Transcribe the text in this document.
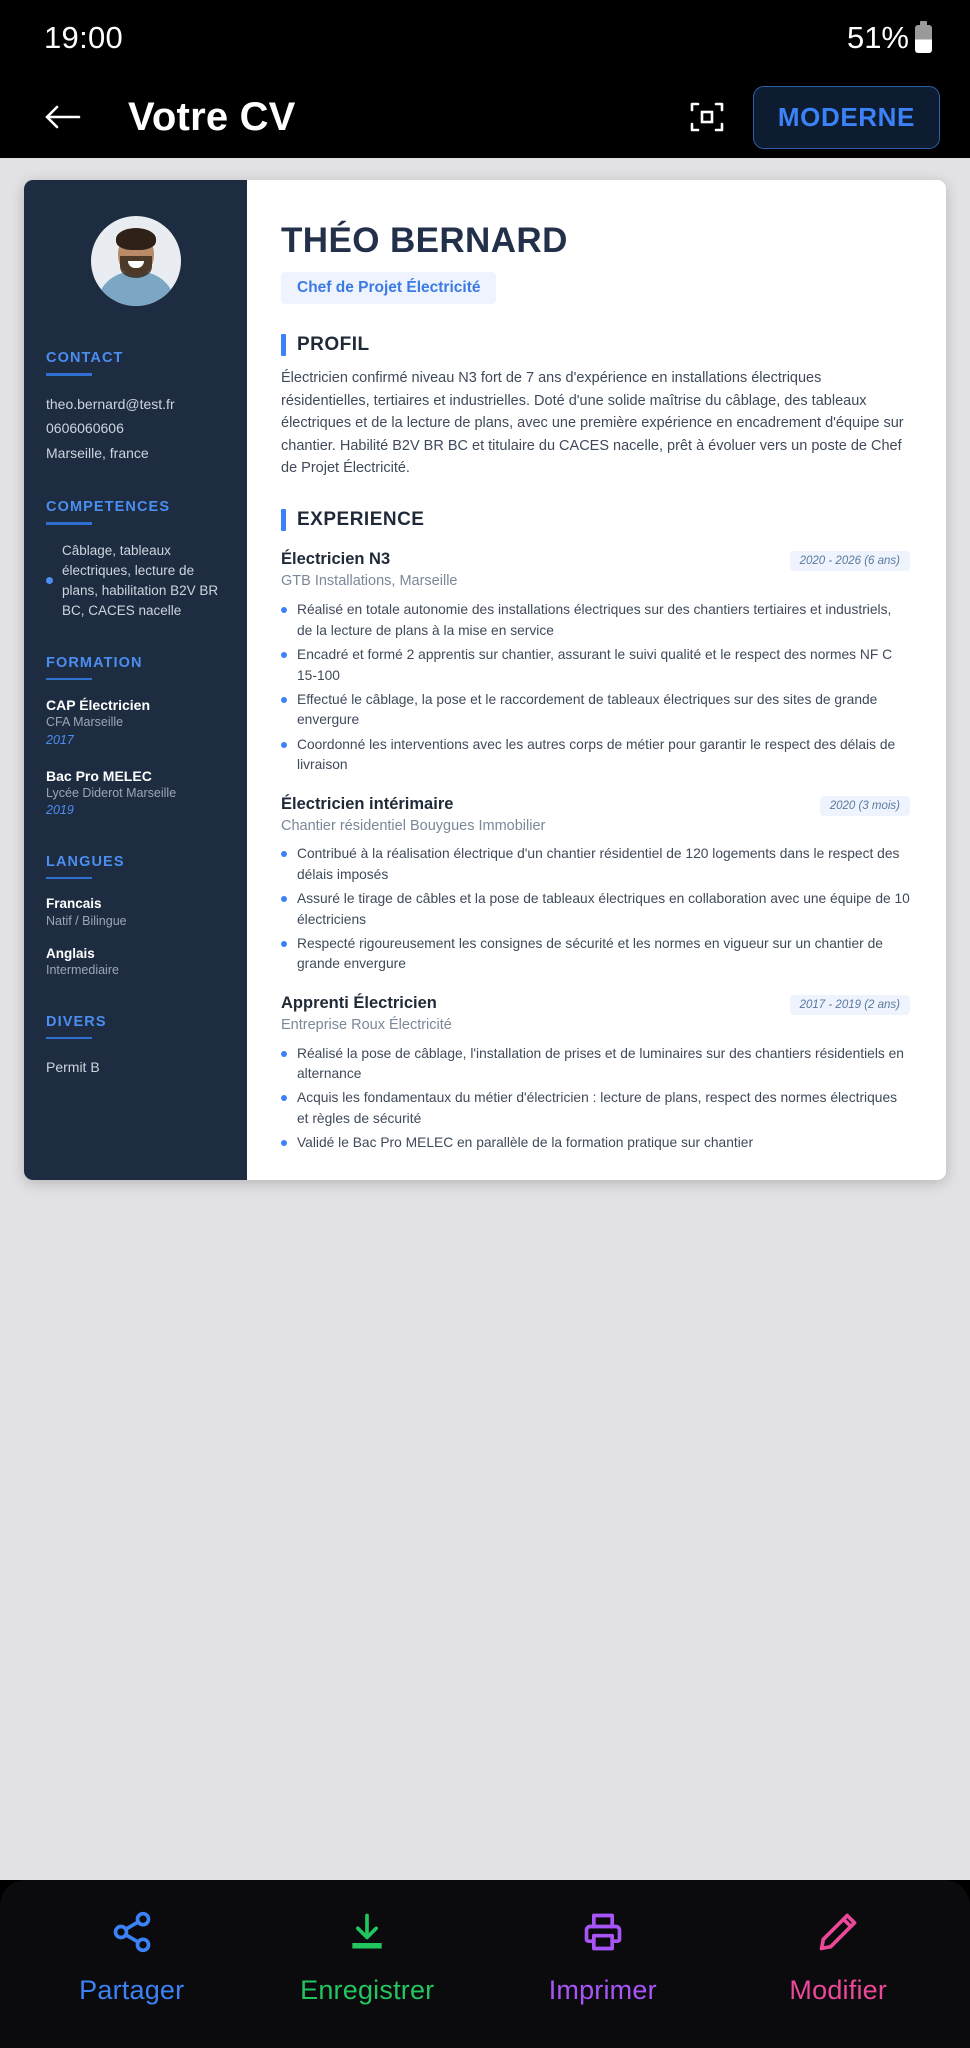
19:00	51%
Votre CV	MODERNE
CONTACT
theo.bernard@test.fr
0606060606
Marseille, france
COMPETENCES
Câblage, tableaux électriques, lecture de plans, habilitation B2V BR BC, CACES nacelle
FORMATION
CAP Électricien
CFA Marseille
2017
Bac Pro MELEC
Lycée Diderot Marseille
2019
LANGUES
Francais
Natif / Bilingue
Anglais
Intermediaire
DIVERS
Permit B
THÉO BERNARD
Chef de Projet Électricité
PROFIL

Électricien confirmé niveau N3 fort de 7 ans d'expérience en installations électriques résidentielles, tertiaires et industrielles. Doté d'une solide maîtrise du câblage, des tableaux électriques et de la lecture de plans, avec une première expérience en encadrement d'équipe sur chantier. Habilité B2V BR BC et titulaire du CACES nacelle, prêt à évoluer vers un poste de Chef de Projet Électricité.

EXPERIENCE
Électricien N3	2020 - 2026 (6 ans)
GTB Installations, Marseille
Réalisé en totale autonomie des installations électriques sur des chantiers tertiaires et industriels, de la lecture de plans à la mise en service
Encadré et formé 2 apprentis sur chantier, assurant le suivi qualité et le respect des normes NF C 15-100
Effectué le câblage, la pose et le raccordement de tableaux électriques sur des sites de grande envergure
Coordonné les interventions avec les autres corps de métier pour garantir le respect des délais de livraison
Électricien intérimaire	2020 (3 mois)
Chantier résidentiel Bouygues Immobilier
Contribué à la réalisation électrique d'un chantier résidentiel de 120 logements dans le respect des délais imposés
Assuré le tirage de câbles et la pose de tableaux électriques en collaboration avec une équipe de 10 électriciens
Respecté rigoureusement les consignes de sécurité et les normes en vigueur sur un chantier de grande envergure
Apprenti Électricien	2017 - 2019 (2 ans)
Entreprise Roux Électricité
Réalisé la pose de câblage, l'installation de prises et de luminaires sur des chantiers résidentiels en alternance
Acquis les fondamentaux du métier d'électricien : lecture de plans, respect des normes électriques et règles de sécurité
Validé le Bac Pro MELEC en parallèle de la formation pratique sur chantier
Partager	Enregistrer	Imprimer	Modifier
